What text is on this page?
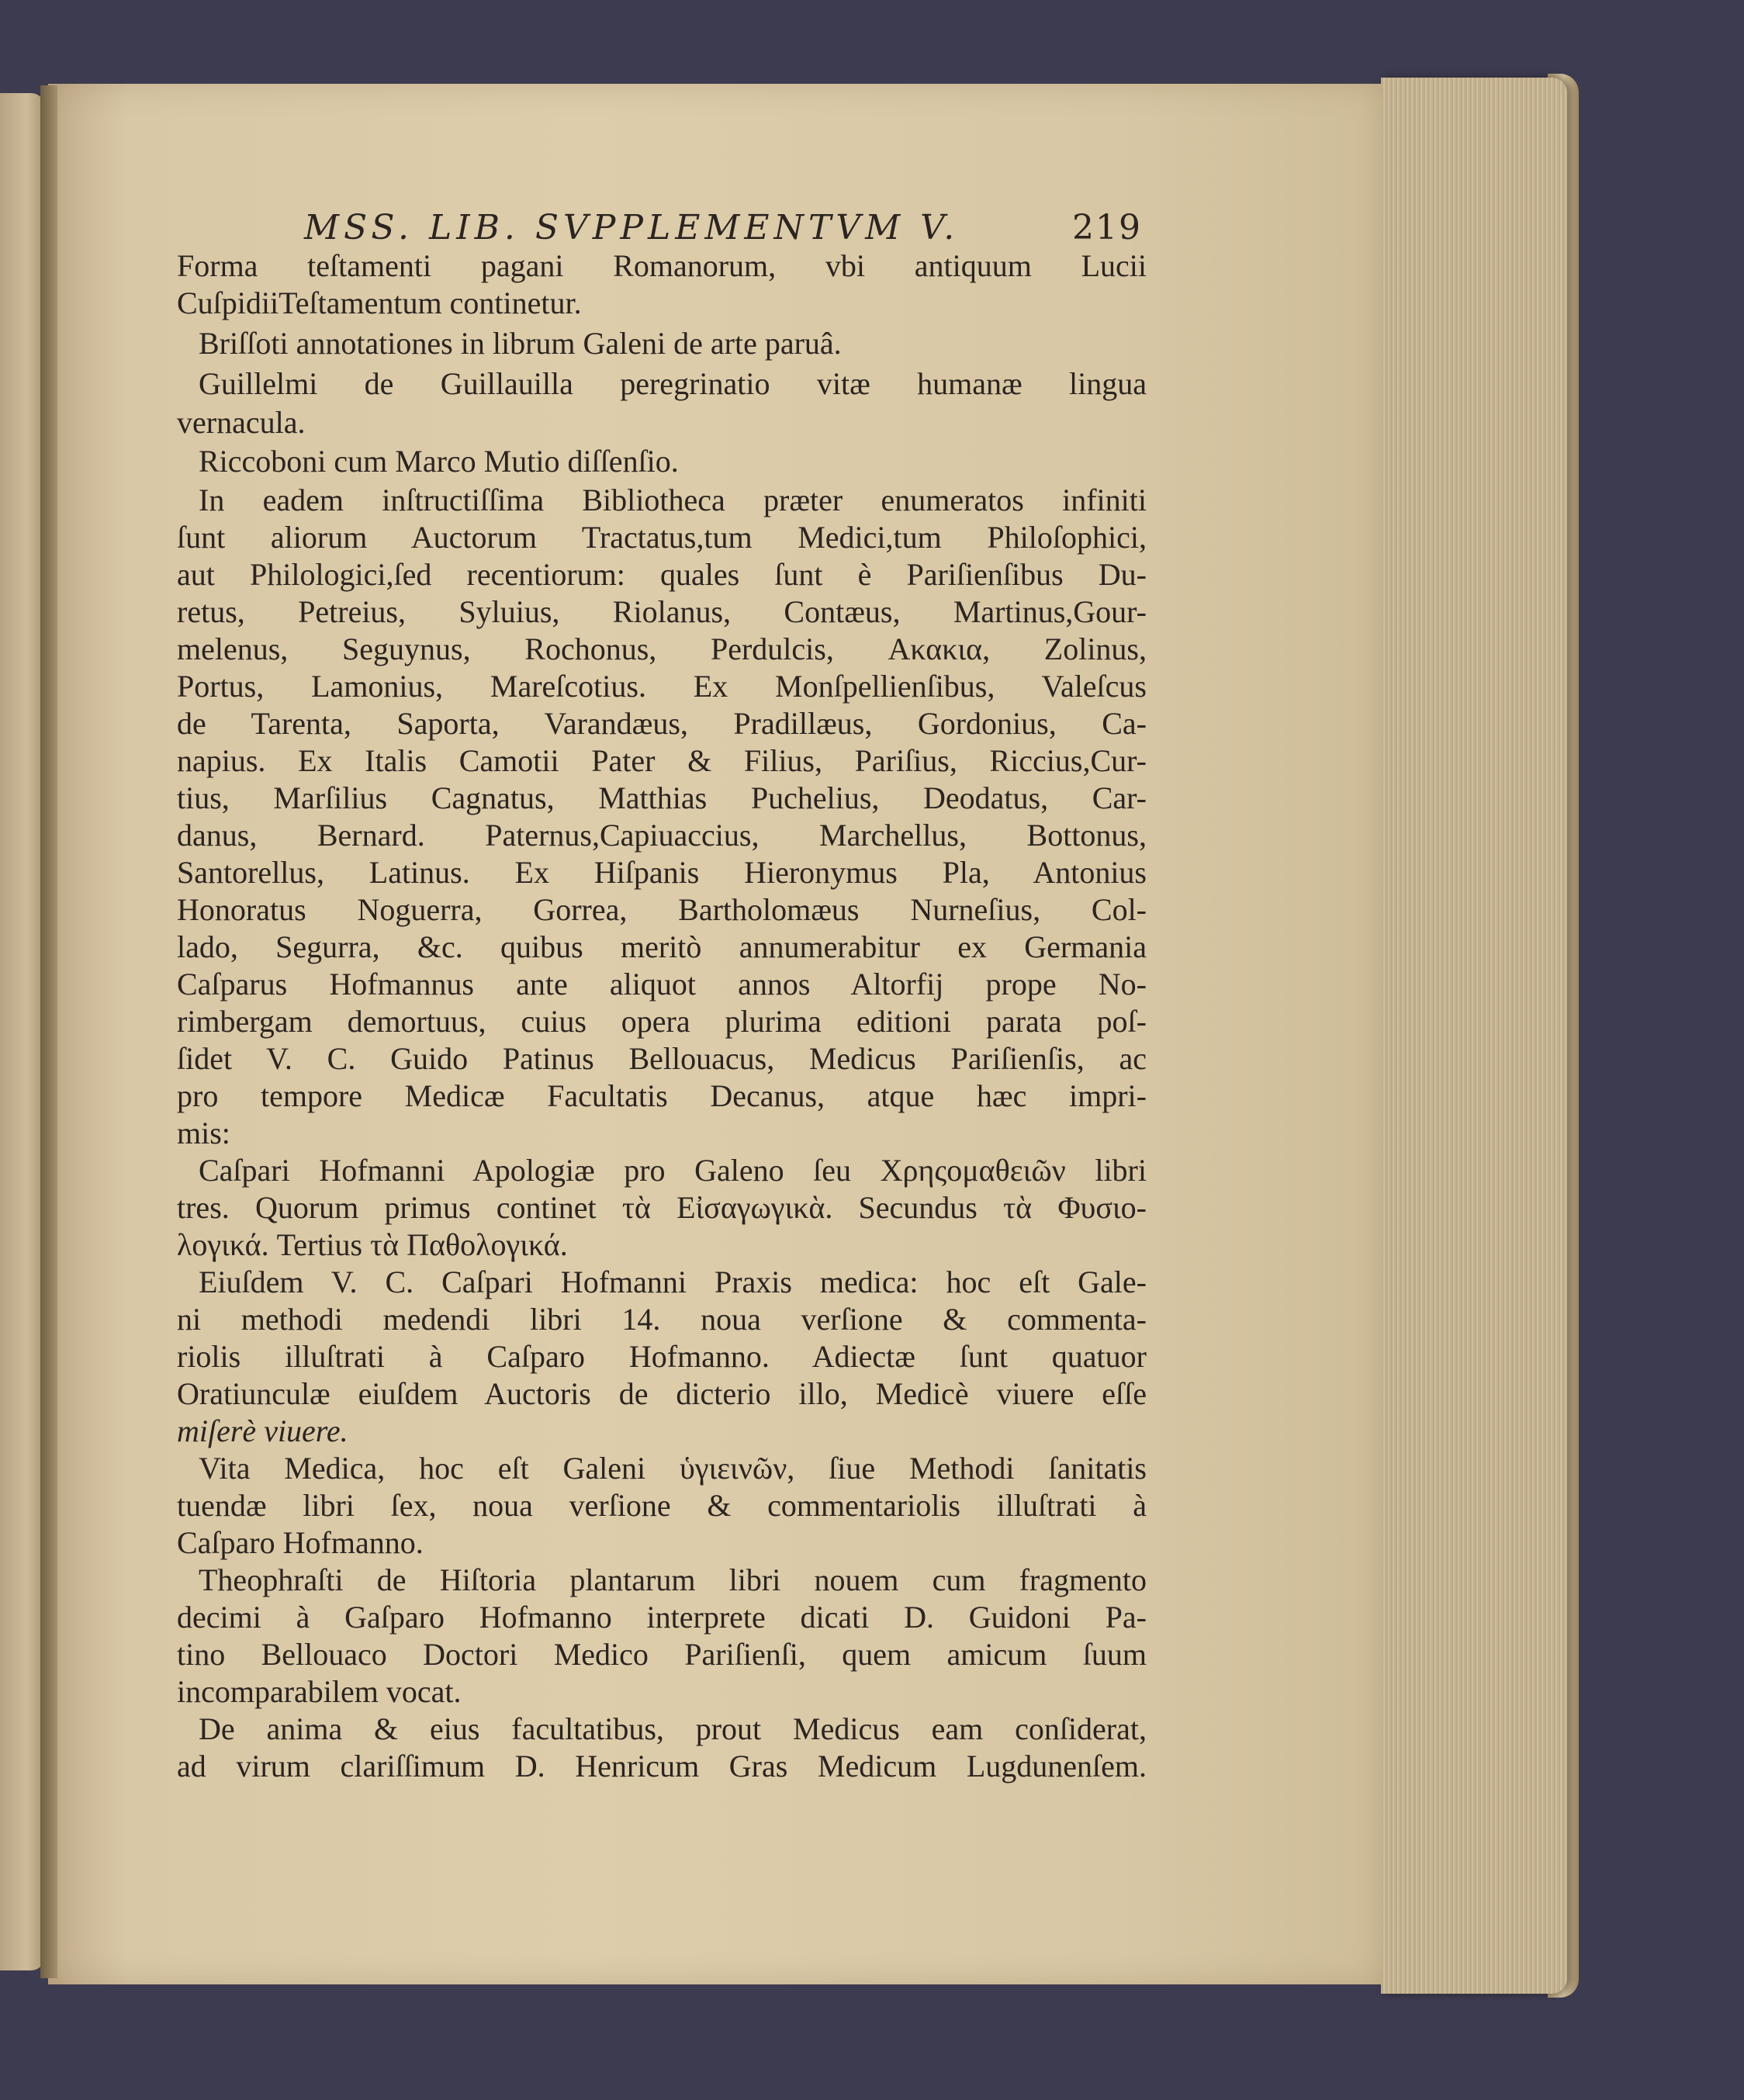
MSS. LIB. SVPPLEMENTVM V.	219
Forma teſtamenti pagani Romanorum, vbi antiquum Lucii
CuſpidiiTeſtamentum continetur.
Briſſoti annotationes in librum Galeni de arte paruâ.
Guillelmi de Guillauilla peregrinatio vitæ humanæ lingua
vernacula.
Riccoboni cum Marco Mutio diſſenſio.
In eadem inſtructiſſima Bibliotheca præter enumeratos infiniti
ſunt aliorum Auctorum Tractatus,tum Medici,tum Philoſophici,
aut Philologici,ſed recentiorum: quales ſunt è Pariſienſibus Du-
retus, Petreius, Syluius, Riolanus, Contæus, Martinus,Gour-
melenus, Seguynus, Rochonus, Perdulcis, Ακακια, Zolinus,
Portus, Lamonius, Mareſcotius. Ex Monſpellienſibus, Valeſcus
de Tarenta, Saporta, Varandæus, Pradillæus, Gordonius, Ca-
napius. Ex Italis Camotii Pater & Filius, Pariſius, Riccius,Cur-
tius, Marſilius Cagnatus, Matthias Puchelius, Deodatus, Car-
danus, Bernard. Paternus,Capiuaccius, Marchellus, Bottonus,
Santorellus, Latinus. Ex Hiſpanis Hieronymus Pla, Antonius
Honoratus Noguerra, Gorrea, Bartholomæus Nurneſius, Col-
lado, Segurra, &c. quibus meritò annumerabitur ex Germania
Caſparus Hofmannus ante aliquot annos Altorfij prope No-
rimbergam demortuus, cuius opera plurima editioni parata poſ-
ſidet V. C. Guido Patinus Bellouacus, Medicus Pariſienſis, ac
pro tempore Medicæ Facultatis Decanus, atque hæc impri-
mis:
Caſpari Hofmanni Apologiæ pro Galeno ſeu Χρηςομαθειῶν libri
tres. Quorum primus continet τὰ Εἰσαγωγικὰ. Secundus τὰ Φυσιο-
λογικά. Tertius τὰ Παθολογικά.
Eiuſdem V. C. Caſpari Hofmanni Praxis medica: hoc eſt Gale-
ni methodi medendi libri 14. noua verſione & commenta-
riolis illuſtrati à Caſparo Hofmanno. Adiectæ ſunt quatuor
Oratiunculæ eiuſdem Auctoris de dicterio illo, Medicè viuere eſſe
miſerè viuere.
Vita Medica, hoc eſt Galeni ὑγιεινῶν, ſiue Methodi ſanitatis
tuendæ libri ſex, noua verſione & commentariolis illuſtrati à
Caſparo Hofmanno.
Theophraſti de Hiſtoria plantarum libri nouem cum fragmento
decimi à Gaſparo Hofmanno interprete dicati D. Guidoni Pa-
tino Bellouaco Doctori Medico Pariſienſi, quem amicum ſuum
incomparabilem vocat.
De anima & eius facultatibus, prout Medicus eam conſiderat,
ad virum clariſſimum D. Henricum Gras Medicum Lugdunenſem.
